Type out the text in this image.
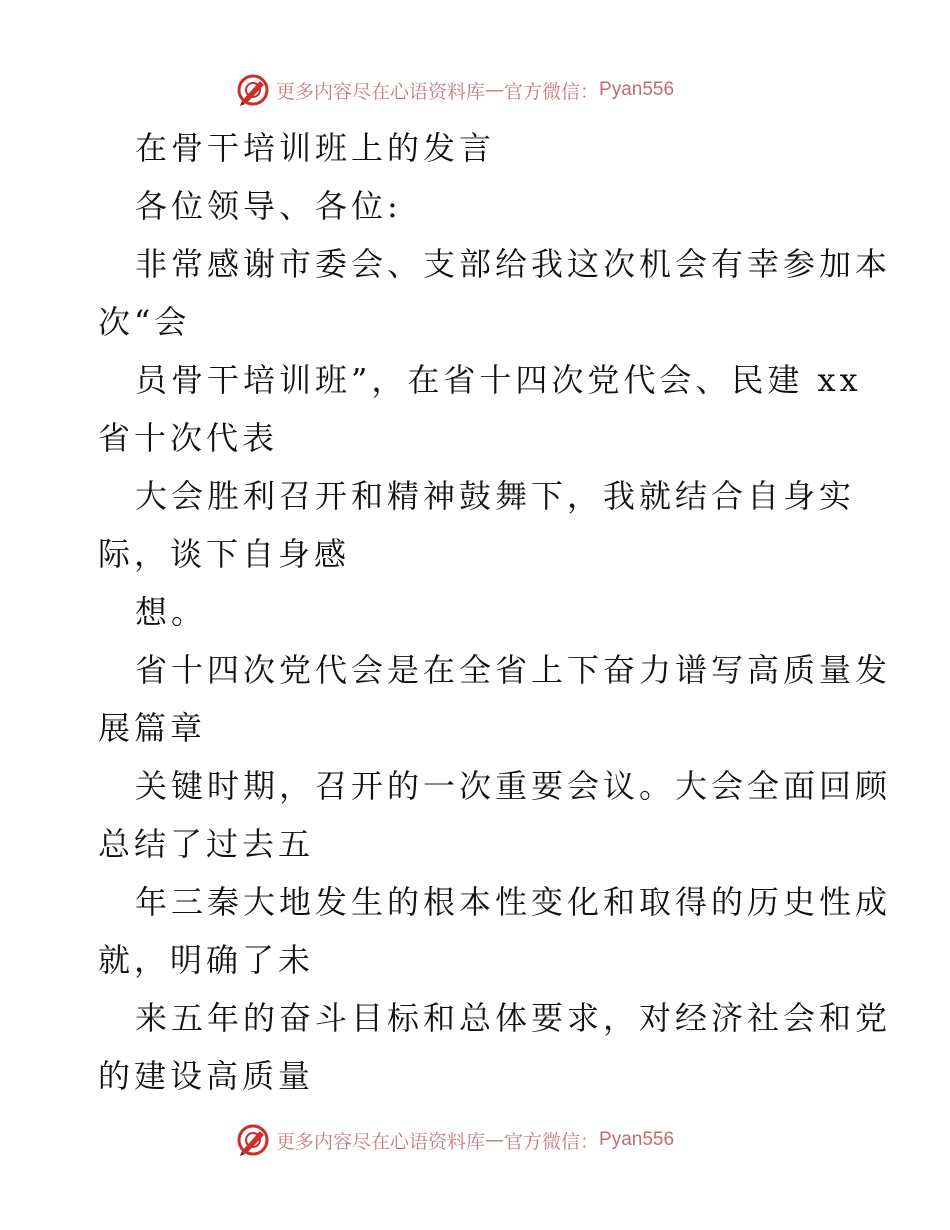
更多内容尽在心语资料库 — 官方微信： Pyan556
在骨干培训班上的发言
各位领导、各位:
非常感谢市委会、支部给我这次机会有幸参加本
次“会
员骨干培训班”，在省十四次党代会、民建 xx
省十次代表
大会胜利召开和精神鼓舞下，我就结合自身实
际，谈下自身感
想。
省十四次党代会是在全省上下奋力谱写高质量发
展篇章
关键时期，召开的一次重要会议。大会全面回顾
总结了过去五
年三秦大地发生的根本性变化和取得的历史性成
就，明确了未
来五年的奋斗目标和总体要求，对经济社会和党
的建设高质量
更多内容尽在心语资料库 — 官方微信： Pyan556
